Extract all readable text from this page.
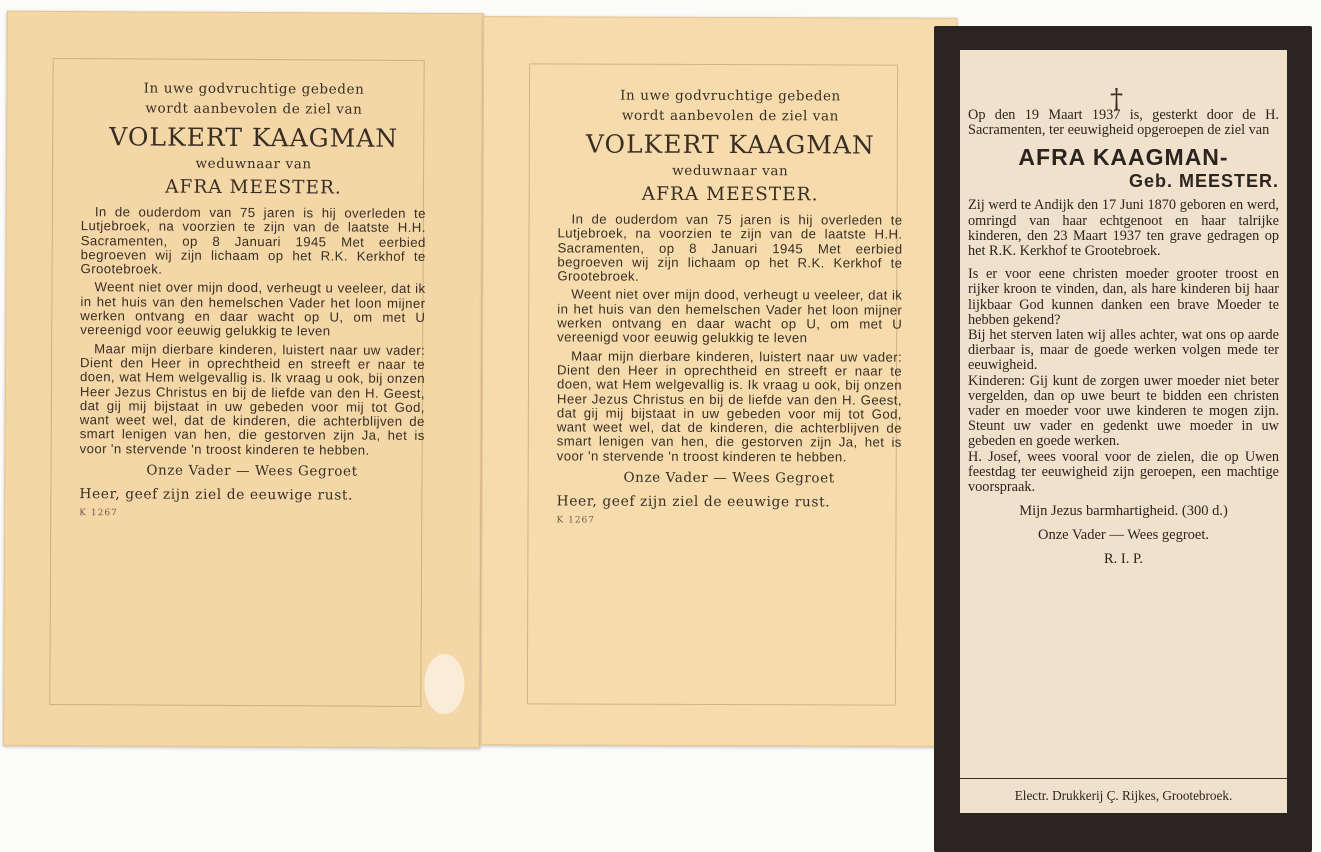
In uwe godvruchtige gebeden
wordt aanbevolen de ziel van
VOLKERT KAAGMAN
weduwnaar van
AFRA MEESTER.

In de ouderdom van 75 jaren is hij overleden te Lutjebroek, na voorzien te zijn van de laatste H.H. Sacramenten, op 8 Januari 1945 Met eerbied begroeven wij zijn lichaam op het R.K. Kerkhof te Grootebroek.

Weent niet over mijn dood, verheugt u veeleer, dat ik in het huis van den hemelschen Vader het loon mijner werken ontvang en daar wacht op U, om met U vereenigd voor eeuwig gelukkig te leven

Maar mijn dierbare kinderen, luistert naar uw vader: Dient den Heer in oprechtheid en streeft er naar te doen, wat Hem welgevallig is. Ik vraag u ook, bij onzen Heer Jezus Christus en bij de liefde van den H. Geest, dat gij mij bijstaat in uw gebeden voor mij tot God, want weet wel, dat de kinderen, die achterblijven de smart lenigen van hen, die gestorven zijn Ja, het is voor 'n stervende 'n troost kinderen te hebben.

Onze Vader — Wees Gegroet
Heer, geef zijn ziel de eeuwige rust.
K 1267
In uwe godvruchtige gebeden
wordt aanbevolen de ziel van
VOLKERT KAAGMAN
weduwnaar van
AFRA MEESTER.

In de ouderdom van 75 jaren is hij overleden te Lutjebroek, na voorzien te zijn van de laatste H.H. Sacramenten, op 8 Januari 1945 Met eerbied begroeven wij zijn lichaam op het R.K. Kerkhof te Grootebroek.

Weent niet over mijn dood, verheugt u veeleer, dat ik in het huis van den hemelschen Vader het loon mijner werken ontvang en daar wacht op U, om met U vereenigd voor eeuwig gelukkig te leven

Maar mijn dierbare kinderen, luistert naar uw vader: Dient den Heer in oprechtheid en streeft er naar te doen, wat Hem welgevallig is. Ik vraag u ook, bij onzen Heer Jezus Christus en bij de liefde van den H. Geest, dat gij mij bijstaat in uw gebeden voor mij tot God, want weet wel, dat de kinderen, die achterblijven de smart lenigen van hen, die gestorven zijn Ja, het is voor 'n stervende 'n troost kinderen te hebben.

Onze Vader — Wees Gegroet
Heer, geef zijn ziel de eeuwige rust.
K 1267
†

Op den 19 Maart 1937 is, gesterkt door de H. Sacramenten, ter eeuwigheid opgeroepen de ziel van

AFRA KAAGMAN-
Geb. MEESTER.

Zij werd te Andijk den 17 Juni 1870 geboren en werd, omringd van haar echtgenoot en haar talrijke kinderen, den 23 Maart 1937 ten grave gedragen op het R.K. Kerkhof te Grootebroek.

Is er voor eene christen moeder grooter troost en rijker kroon te vinden, dan, als hare kinderen bij haar lijkbaar God kunnen danken een brave Moeder te hebben gekend?

Bij het sterven laten wij alles achter, wat ons op aarde dierbaar is, maar de goede werken volgen mede ter eeuwigheid.

Kinderen: Gij kunt de zorgen uwer moeder niet beter vergelden, dan op uwe beurt te bidden een christen vader en moeder voor uwe kinderen te mogen zijn. Steunt uw vader en gedenkt uwe moeder in uw gebeden en goede werken.

H. Josef, wees vooral voor de zielen, die op Uwen feestdag ter eeuwigheid zijn geroepen, een machtige voorspraak.

Mijn Jezus barmhartigheid. (300 d.)
Onze Vader — Wees gegroet.
R. I. P.
Electr. Drukkerij Ç. Rijkes, Grootebroek.
